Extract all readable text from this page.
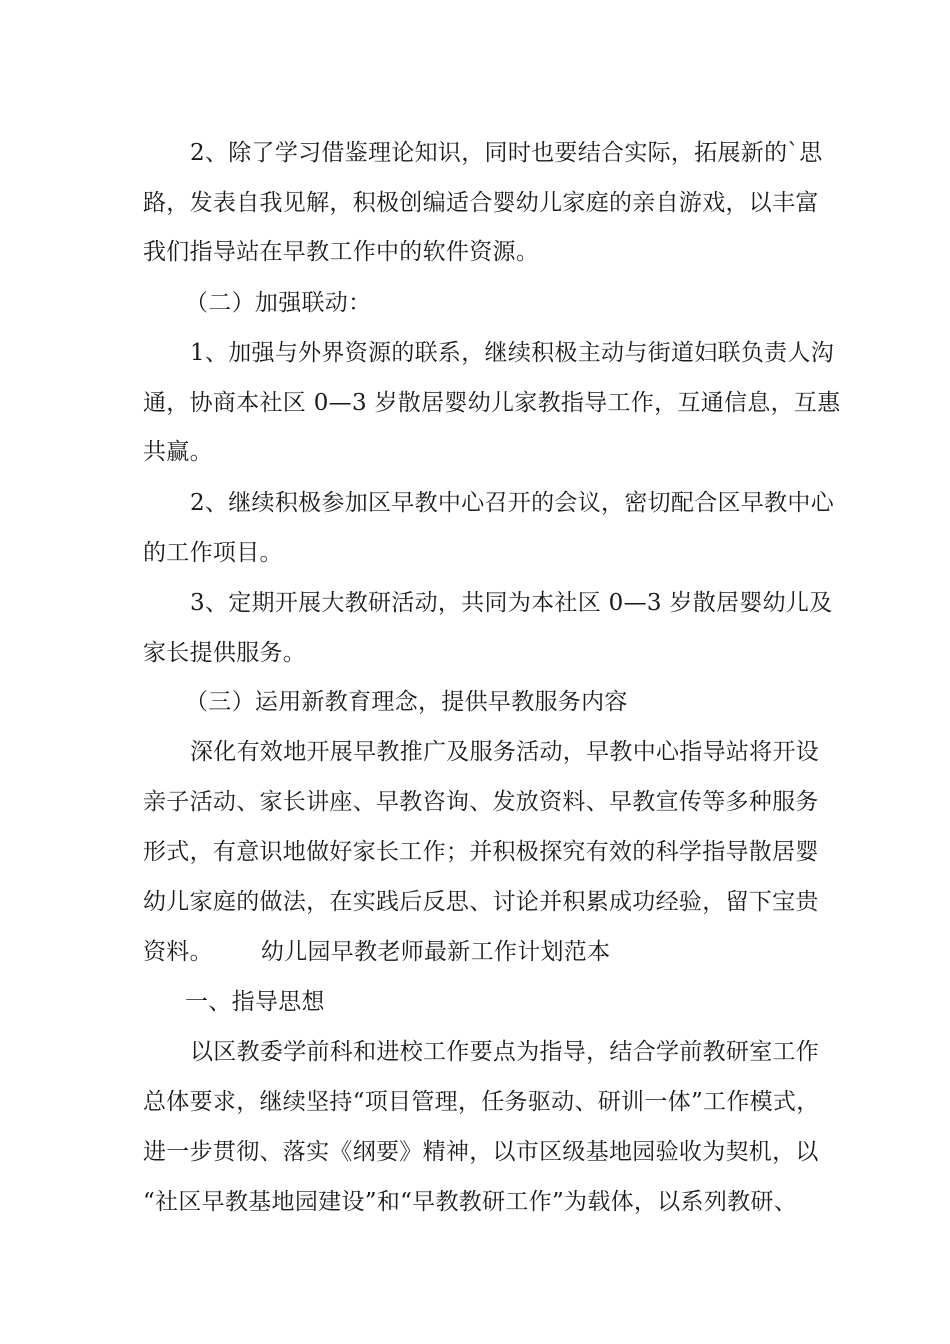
2、除了学习借鉴理论知识，同时也要结合实际，拓展新的`思
路，发表自我见解，积极创编适合婴幼儿家庭的亲自游戏，以丰富
我们指导站在早教工作中的软件资源。
（二）加强联动：
1、加强与外界资源的联系，继续积极主动与街道妇联负责人沟
通，协商本社区 0—3 岁散居婴幼儿家教指导工作，互通信息，互惠
共赢。
2、继续积极参加区早教中心召开的会议，密切配合区早教中心
的工作项目。
3、定期开展大教研活动，共同为本社区 0—3 岁散居婴幼儿及
家长提供服务。
（三）运用新教育理念，提供早教服务内容
深化有效地开展早教推广及服务活动，早教中心指导站将开设
亲子活动、家长讲座、早教咨询、发放资料、早教宣传等多种服务
形式，有意识地做好家长工作；并积极探究有效的科学指导散居婴
幼儿家庭的做法，在实践后反思、讨论并积累成功经验，留下宝贵
资料。 幼儿园早教老师最新工作计划范本
一、指导思想
以区教委学前科和进校工作要点为指导，结合学前教研室工作
总体要求，继续坚持“项目管理，任务驱动、研训一体”工作模式，
进一步贯彻、落实《纲要》精神，以市区级基地园验收为契机，以
“社区早教基地园建设”和“早教教研工作”为载体，以系列教研、
